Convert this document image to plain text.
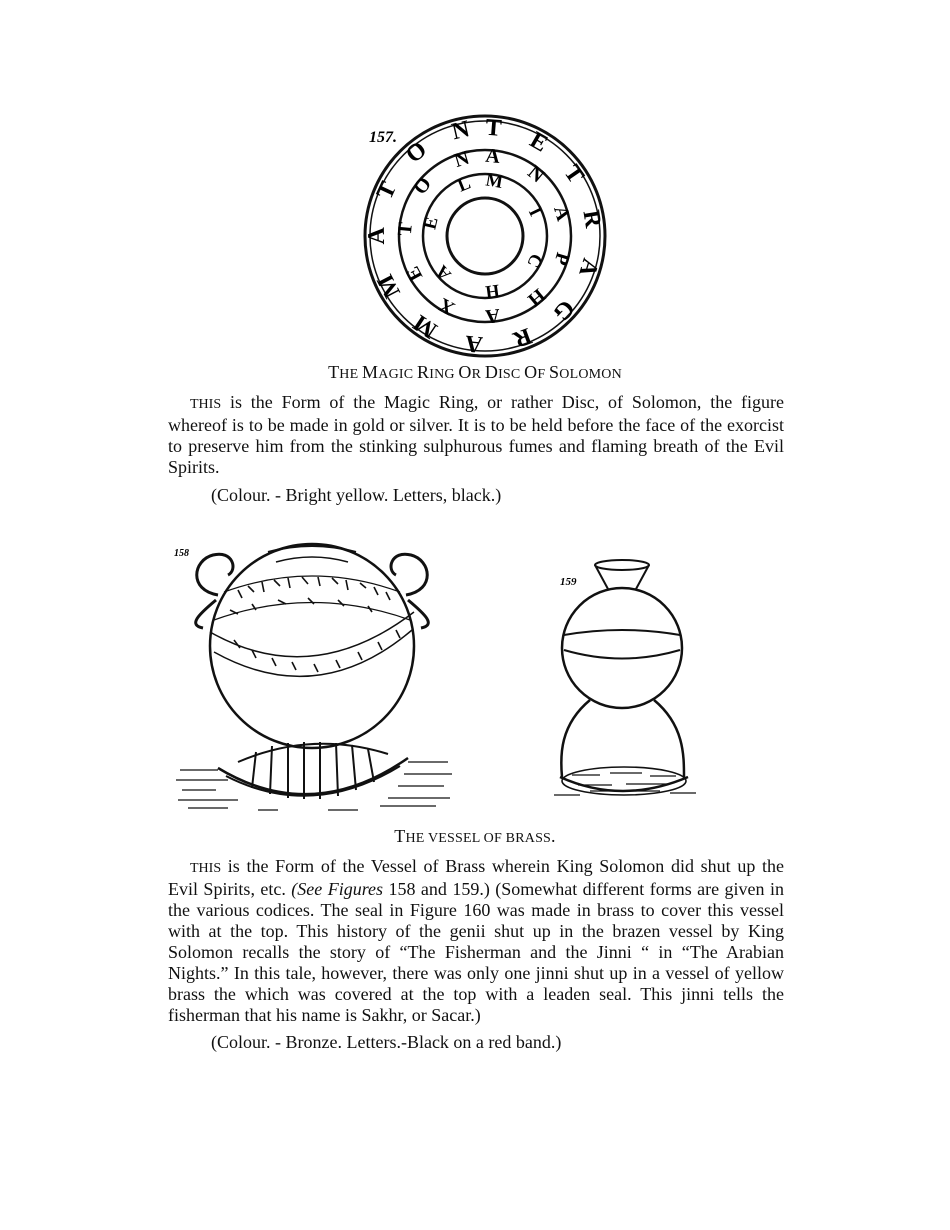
157.	TETRAGRAMMATON
ANAPHAXETON
MICHAEL
THE MAGIC RING OR DISC OF SOLOMON

THIS is the Form of the Magic Ring, or rather Disc, of Solomon, the figure whereof is to be made in gold or silver. It is to be held before the face of the exorcist to preserve him from the stinking sulphurous fumes and flaming breath of the Evil Spirits.

(Colour. - Bright yellow. Letters, black.)

158
159
THE VESSEL OF BRASS.

THIS is the Form of the Vessel of Brass wherein King Solomon did shut up the Evil Spirits, etc. (See Figures 158 and 159.) (Somewhat different forms are given in the various codices. The seal in Figure 160 was made in brass to cover this vessel with at the top. This history of the genii shut up in the brazen vessel by King Solomon recalls the story of “The Fisherman and the Jinni “ in “The Arabian Nights.” In this tale, however, there was only one jinni shut up in a vessel of yellow brass the which was covered at the top with a leaden seal. This jinni tells the fisherman that his name is Sakhr, or Sacar.)

(Colour. - Bronze. Letters.-Black on a red band.)
